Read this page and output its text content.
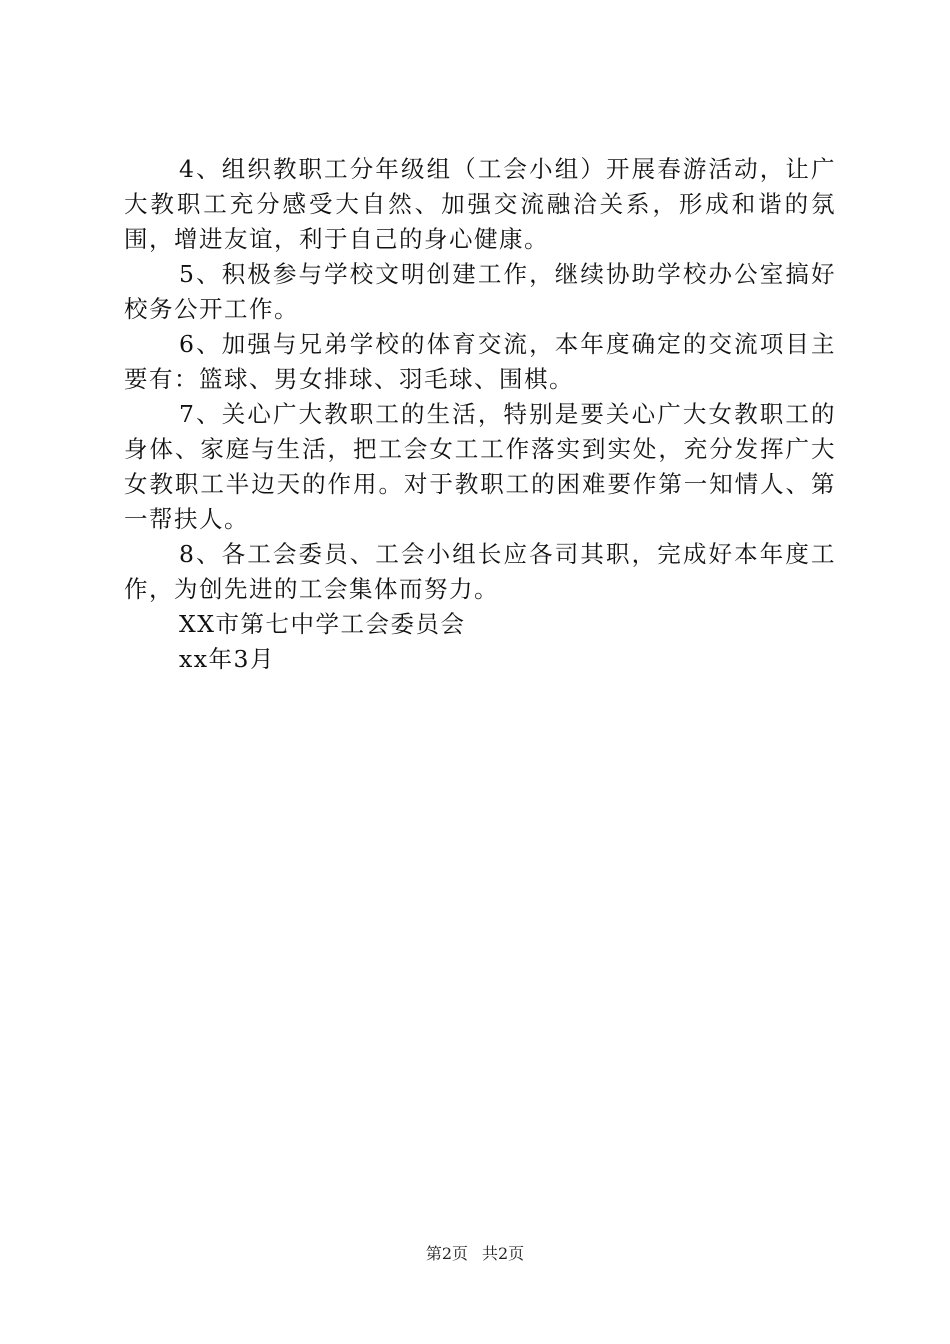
4、组织教职工分年级组（工会小组）开展春游活动，让广大教职工充分感受大自然、加强交流融洽关系，形成和谐的氛围，增进友谊，利于自己的身心健康。

5、积极参与学校文明创建工作，继续协助学校办公室搞好校务公开工作。

6、加强与兄弟学校的体育交流，本年度确定的交流项目主要有：篮球、男女排球、羽毛球、围棋。

7、关心广大教职工的生活，特别是要关心广大女教职工的身体、家庭与生活，把工会女工工作落实到实处，充分发挥广大女教职工半边天的作用。对于教职工的困难要作第一知情人、第一帮扶人。

8、各工会委员、工会小组长应各司其职，完成好本年度工作，为创先进的工会集体而努力。

XX市第七中学工会委员会

xx年3月

第2页 共2页
